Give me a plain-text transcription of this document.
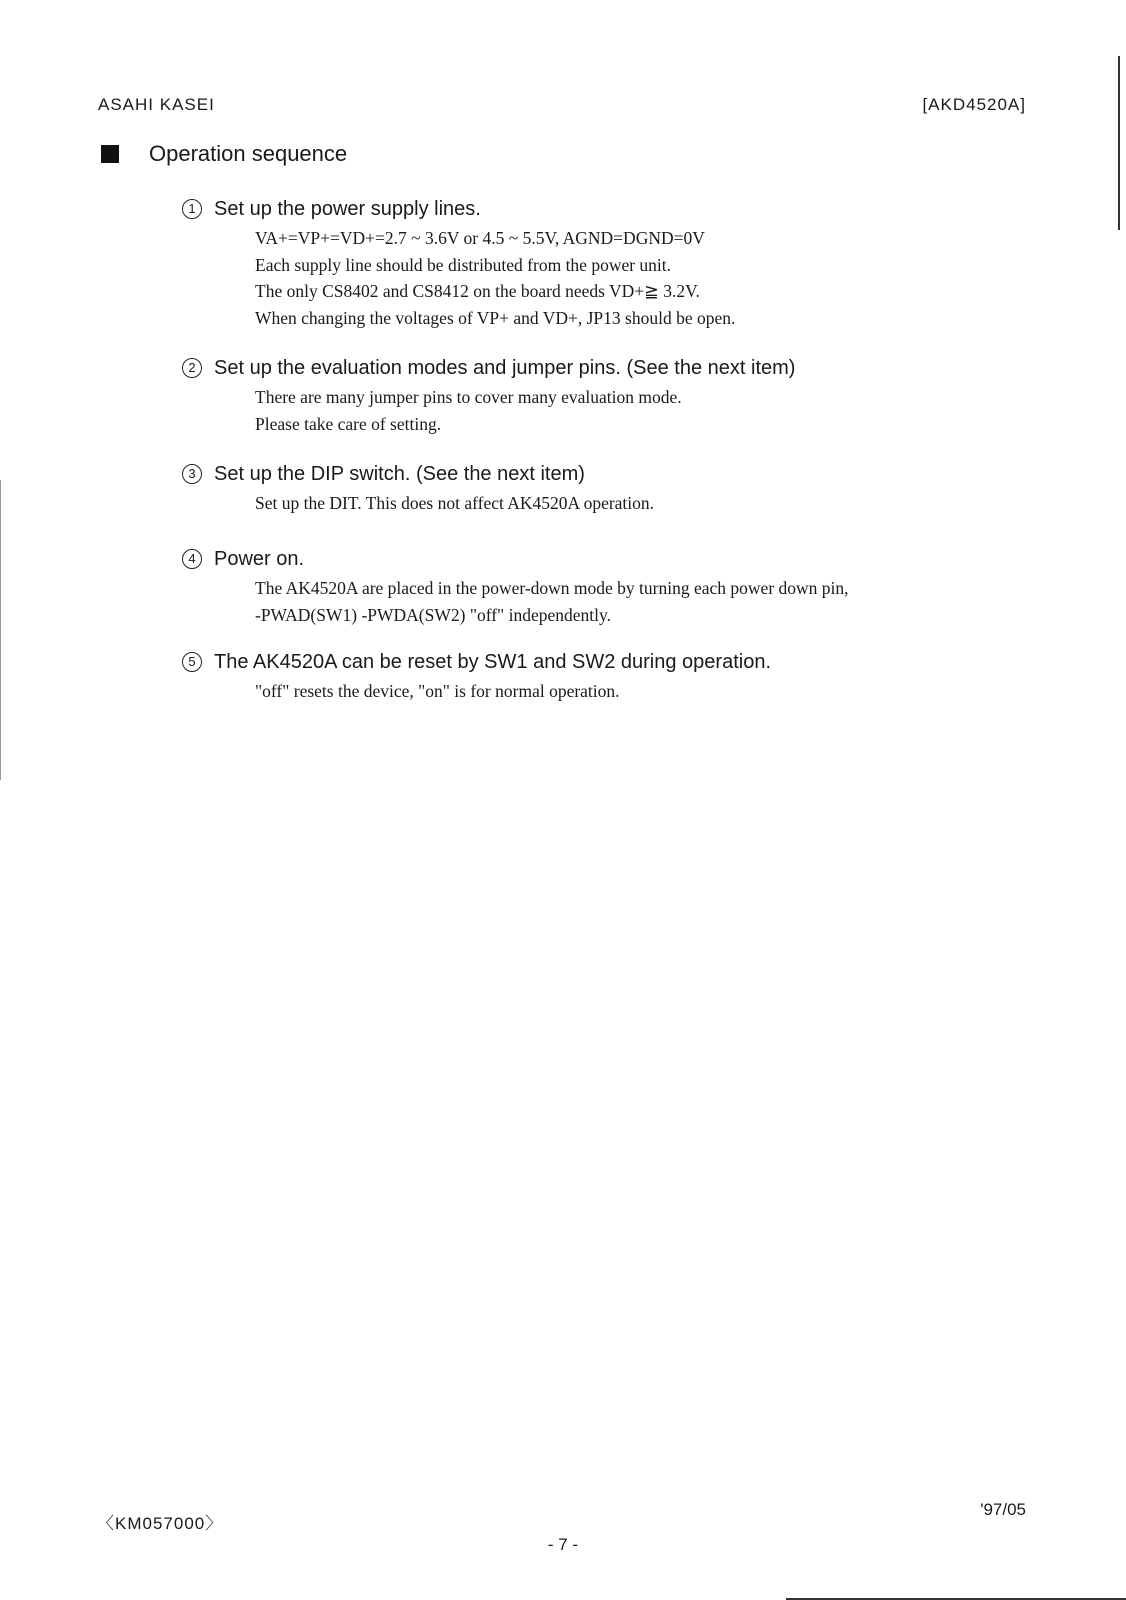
ASAHI KASEI	[AKD4520A]
Operation sequence
1 Set up the power supply lines.
VA+=VP+=VD+=2.7 ~ 3.6V or 4.5 ~ 5.5V, AGND=DGND=0V
Each supply line should be distributed from the power unit.
The only CS8402 and CS8412 on the board needs VD+≧ 3.2V.
When changing the voltages of VP+ and VD+, JP13 should be open.
2 Set up the evaluation modes and jumper pins. (See the next item)
There are many jumper pins to cover many evaluation mode.
Please take care of setting.
3 Set up the DIP switch. (See the next item)
Set up the DIT. This does not affect AK4520A operation.
4 Power on.
The AK4520A are placed in the power-down mode by turning each power down pin,
-PWAD(SW1) -PWDA(SW2) "off" independently.
5 The AK4520A can be reset by SW1 and SW2 during operation.
"off" resets the device, "on" is for normal operation.
〈KM057000〉
'97/05
- 7 -
